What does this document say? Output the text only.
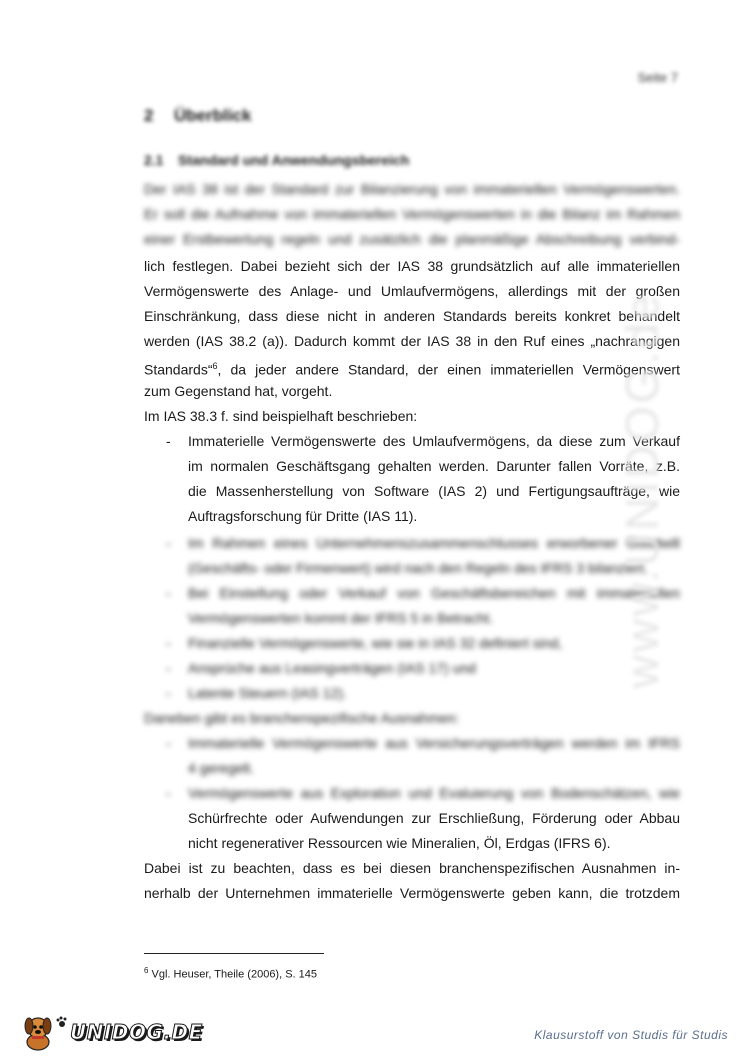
Seite 7
2 Überblick
2.1 Standard und Anwendungsbereich
Der IAS 38 ist der Standard zur Bilanzierung von immateriellen Vermögenswerten.
Er soll die Aufnahme von immateriellen Vermögenswerten in die Bilanz im Rahmen
einer Erstbewertung regeln und zusätzlich die planmäßige Abschreibung verbind-
lich festlegen. Dabei bezieht sich der IAS 38 grundsätzlich auf alle immateriellen
Vermögenswerte des Anlage- und Umlaufvermögens, allerdings mit der großen
Einschränkung, dass diese nicht in anderen Standards bereits konkret behandelt
werden (IAS 38.2 (a)). Dadurch kommt der IAS 38 in den Ruf eines „nachrangigen
Standards“$^6$, da jeder andere Standard, der einen immateriellen Vermögenswert
zum Gegenstand hat, vorgeht.
Im IAS 38.3 f. sind beispielhaft beschrieben:
- Immaterielle Vermögenswerte des Umlaufvermögens, da diese zum Verkauf
im normalen Geschäftsgang gehalten werden. Darunter fallen Vorräte, z.B.
die Massenherstellung von Software (IAS 2) und Fertigungsaufträge, wie
Auftragsforschung für Dritte (IAS 11).
- Im Rahmen eines Unternehmenszusammenschlusses erworbener Goodwill
(Geschäfts- oder Firmenwert) wird nach den Regeln des IFRS 3 bilanziert.
- Bei Einstellung oder Verkauf von Geschäftsbereichen mit immateriellen
Vermögenswerten kommt der IFRS 5 in Betracht.
- Finanzielle Vermögenswerte, wie sie in IAS 32 definiert sind,
- Ansprüche aus Leasingverträgen (IAS 17) und
- Latente Steuern (IAS 12).
Daneben gibt es branchenspezifische Ausnahmen:
- Immaterielle Vermögenswerte aus Versicherungsverträgen werden im IFRS
4 geregelt.
- Vermögenswerte aus Exploration und Evaluierung von Bodenschätzen, wie
Schürfrechte oder Aufwendungen zur Erschließung, Förderung oder Abbau
nicht regenerativer Ressourcen wie Mineralien, Öl, Erdgas (IFRS 6).
Dabei ist zu beachten, dass es bei diesen branchenspezifischen Ausnahmen in-
nerhalb der Unternehmen immaterielle Vermögenswerte geben kann, die trotzdem
www.UNIDOG.de
$^6$ Vgl. Heuser, Theile (2006), S. 145
UNIDOG.DE	Klausurstoff von Studis für Studis
